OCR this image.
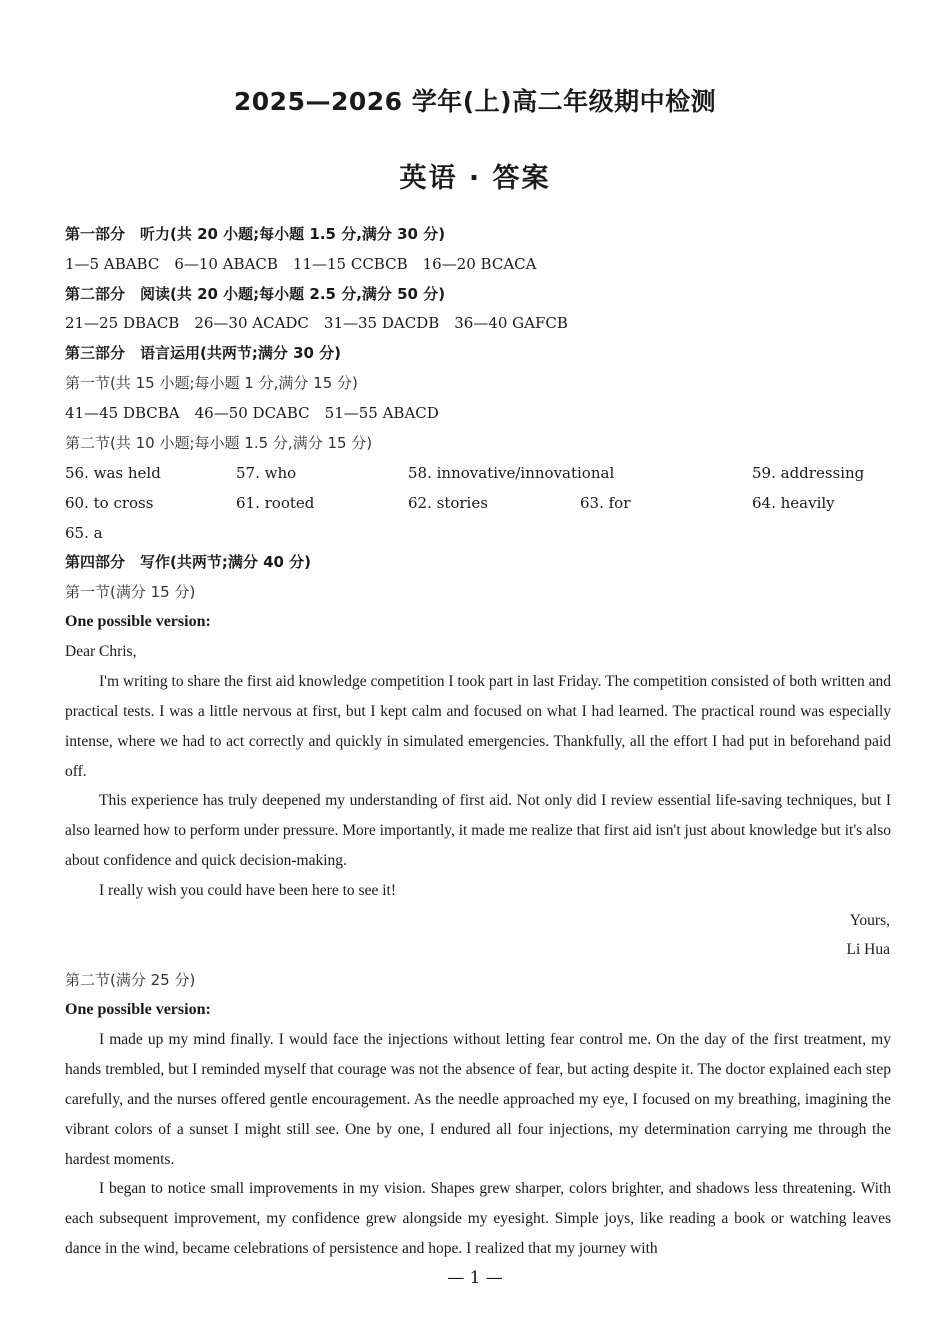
2025—2026 学年(上)高二年级期中检测
英语 · 答案
第一部分　听力(共 20 小题;每小题 1.5 分,满分 30 分)
1—5 ABABC　6—10 ABACB　11—15 CCBCB　16—20 BCACA
第二部分　阅读(共 20 小题;每小题 2.5 分,满分 50 分)
21—25 DBACB　26—30 ACADC　31—35 DACDB　36—40 GAFCB
第三部分　语言运用(共两节;满分 30 分)
第一节(共 15 小题;每小题 1 分,满分 15 分)
41—45 DBCBA　46—50 DCABC　51—55 ABACD
第二节(共 10 小题;每小题 1.5 分,满分 15 分)
56. was held	57. who	58. innovative/innovational	59. addressing
60. to cross	61. rooted	62. stories	63. for	64. heavily
65. a
第四部分　写作(共两节;满分 40 分)
第一节(满分 15 分)
One possible version:
Dear Chris,

I'm writing to share the first aid knowledge competition I took part in last Friday. The competition consisted of both written and practical tests. I was a little nervous at first, but I kept calm and focused on what I had learned. The practical round was especially intense, where we had to act correctly and quickly in simulated emergencies. Thankfully, all the effort I had put in beforehand paid off.

This experience has truly deepened my understanding of first aid. Not only did I review essential life-saving techniques, but I also learned how to perform under pressure. More importantly, it made me realize that first aid isn't just about knowledge but it's also about confidence and quick decision-making.

I really wish you could have been here to see it!

Yours,
Li Hua
第二节(满分 25 分)
One possible version:

I made up my mind finally. I would face the injections without letting fear control me. On the day of the first treatment, my hands trembled, but I reminded myself that courage was not the absence of fear, but acting despite it. The doctor explained each step carefully, and the nurses offered gentle encouragement. As the needle approached my eye, I focused on my breathing, imagining the vibrant colors of a sunset I might still see. One by one, I endured all four injections, my determination carrying me through the hardest moments.

I began to notice small improvements in my vision. Shapes grew sharper, colors brighter, and shadows less threatening. With each subsequent improvement, my confidence grew alongside my eyesight. Simple joys, like reading a book or watching leaves dance in the wind, became celebrations of persistence and hope. I realized that my journey with

— 1 —
